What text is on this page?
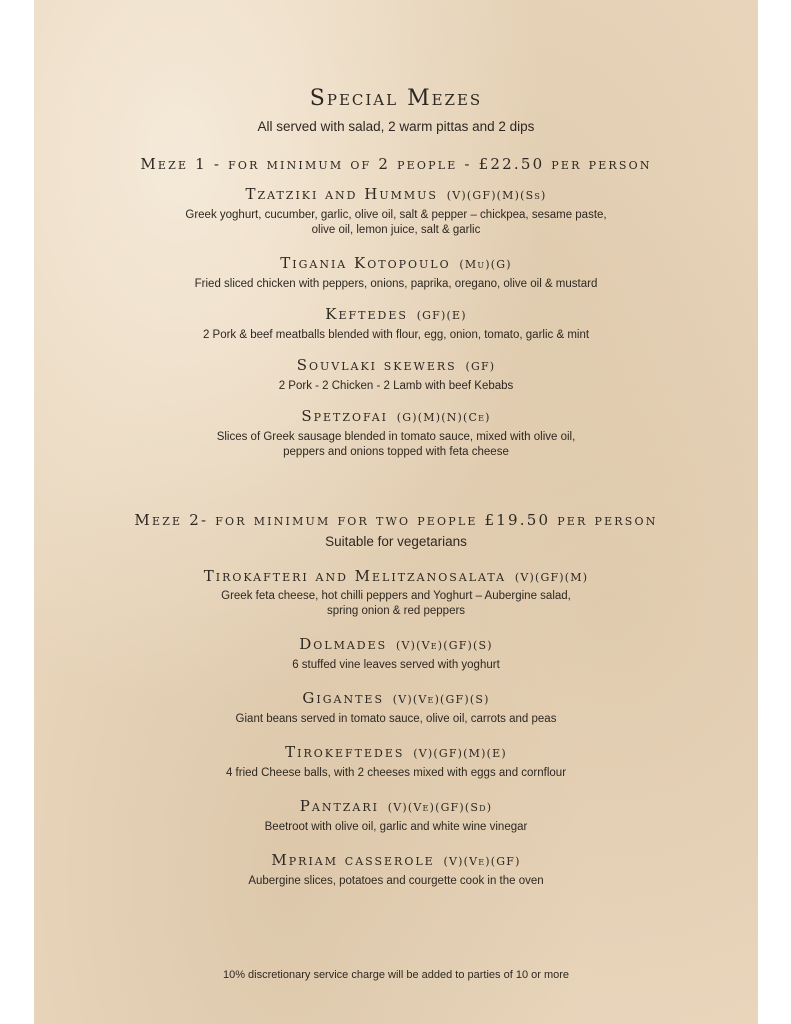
Special Mezes
All served with salad, 2 warm pittas and 2 dips
Meze 1 - for minimum of 2 people - £22.50 per person
Tzatziki and Hummus (V)(GF)(M)(Ss)
Greek yoghurt, cucumber, garlic, olive oil, salt & pepper – chickpea, sesame paste,
olive oil, lemon juice, salt & garlic
Tigania Kotopoulo (Mu)(G)
Fried sliced chicken with peppers, onions, paprika, oregano, olive oil & mustard
Keftedes (GF)(E)
2 Pork & beef meatballs blended with flour, egg, onion, tomato, garlic & mint
Souvlaki skewers (GF)
2 Pork - 2 Chicken - 2 Lamb with beef Kebabs
Spetzofai (G)(M)(N)(Ce)
Slices of Greek sausage blended in tomato sauce, mixed with olive oil,
peppers and onions topped with feta cheese
Meze 2- for minimum for two people £19.50 per person
Suitable for vegetarians
Tirokafteri and Melitzanosalata (V)(GF)(M)
Greek feta cheese, hot chilli peppers and Yoghurt – Aubergine salad,
spring onion & red peppers
Dolmades (V)(Ve)(GF)(S)
6 stuffed vine leaves served with yoghurt
Gigantes (V)(Ve)(GF)(S)
Giant beans served in tomato sauce, olive oil, carrots and peas
Tirokeftedes (V)(GF)(M)(E)
4 fried Cheese balls, with 2 cheeses mixed with eggs and cornflour
Pantzari (V)(Ve)(GF)(Sd)
Beetroot with olive oil, garlic and white wine vinegar
Mpriam casserole (V)(Ve)(GF)
Aubergine slices, potatoes and courgette cook in the oven
10% discretionary service charge will be added to parties of 10 or more
